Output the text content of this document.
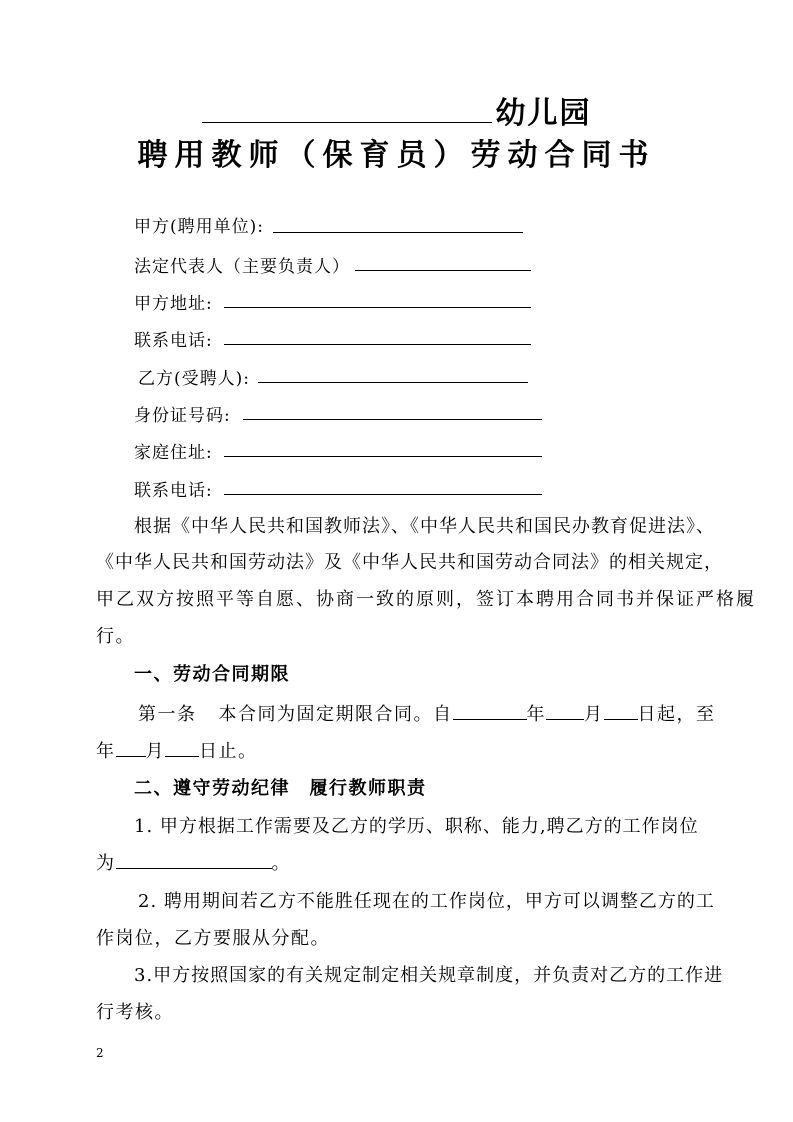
幼儿园
聘用教师（保育员）劳动合同书
甲方(聘用单位):
法定代表人（主要负责人）
甲方地址:
联系电话:
乙方(受聘人):
身份证号码:
家庭住址:
联系电话:
根据《中华人民共和国教师法》、《中华人民共和国民办教育促进法》、
《中华人民共和国劳动法》及《中华人民共和国劳动合同法》的相关规定，
甲乙双方按照平等自愿、协商一致的原则，签订本聘用合同书并保证严格履
行。
一、劳动合同期限
第一条 本合同为固定期限合同。自	年 月 日起，至
年 月 日止。
二、遵守劳动纪律　履行教师职责
1. 甲方根据工作需要及乙方的学历、职称、能力,聘乙方的工作岗位
为	。
2. 聘用期间若乙方不能胜任现在的工作岗位，甲方可以调整乙方的工
作岗位，乙方要服从分配。
3.甲方按照国家的有关规定制定相关规章制度，并负责对乙方的工作进
行考核。
2
